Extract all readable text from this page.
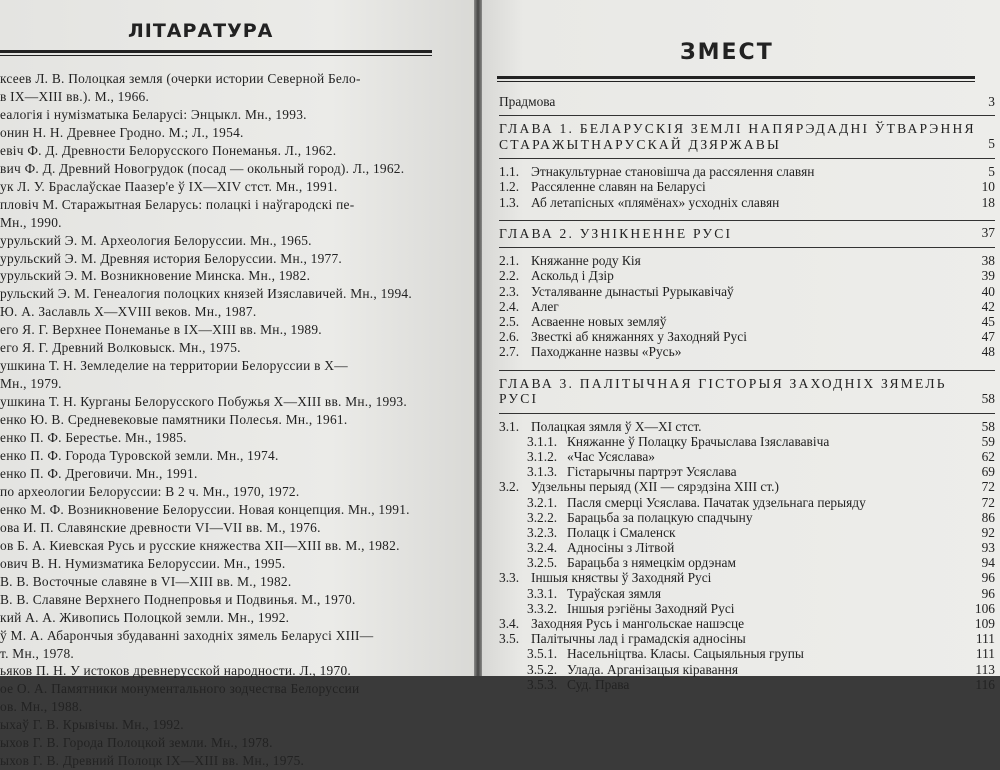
ЛІТАРАТУРА
ксеев Л. В. Полоцкая земля (очерки истории Северной Бело-
в IX—XIII вв.). М., 1966.
еалогія і нумізматыка Беларусі: Энцыкл. Мн., 1993.
онин Н. Н. Древнее Гродно. М.; Л., 1954.
евіч Ф. Д. Древности Белорусского Понеманья. Л., 1962.
вич Ф. Д. Древний Новогрудок (посад — окольный город). Л., 1962.
ук Л. У. Браслаўскае Паазер'е ў IX—XIV стст. Мн., 1991.
пловіч М. Старажытная Беларусь: полацкі і наўгародскі пе-
Мн., 1990.
урульский Э. М. Археология Белоруссии. Мн., 1965.
урульский Э. М. Древняя история Белоруссии. Мн., 1977.
урульский Э. М. Возникновение Минска. Мн., 1982.
рульский Э. М. Генеалогия полоцких князей Изяславичей. Мн., 1994.
Ю. А. Заславль X—XVIII веков. Мн., 1987.
его Я. Г. Верхнее Понеманье в IX—XIII вв. Мн., 1989.
его Я. Г. Древний Волковыск. Мн., 1975.
ушкина Т. Н. Земледелие на территории Белоруссии в X—
Мн., 1979.
ушкина Т. Н. Курганы Белорусского Побужья X—XIII вв. Мн., 1993.
енко Ю. В. Средневековые памятники Полесья. Мн., 1961.
енко П. Ф. Берестье. Мн., 1985.
енко П. Ф. Города Туровской земли. Мн., 1974.
енко П. Ф. Дреговичи. Мн., 1991.
по археологии Белоруссии: В 2 ч. Мн., 1970, 1972.
енко М. Ф. Возникновение Белоруссии. Новая концепция. Мн., 1991.
ова И. П. Славянские древности VI—VII вв. М., 1976.
ов Б. А. Киевская Русь и русские княжества XII—XIII вв. М., 1982.
ович В. Н. Нумизматика Белоруссии. Мн., 1995.
В. В. Восточные славяне в VI—XIII вв. М., 1982.
В. В. Славяне Верхнего Поднепровья и Подвинья. М., 1970.
кий А. А. Живопись Полоцкой земли. Мн., 1992.
ў М. А. Абарончыя збудаванні заходніх зямель Беларусі XIII—
т. Мн., 1978.
ьяков П. Н. У истоков древнерусской народности. Л., 1970.
ое О. А. Памятники монументального зодчества Белоруссии
ов. Мн., 1988.
ыхаў Г. В. Крывічы. Мн., 1992.
ыхов Г. В. Города Полоцкой земли. Мн., 1978.
ыхов Г. В. Древний Полоцк IX—XIII вв. Мн., 1975.
ЗМЕСТ
Прадмова	3
ГЛАВА 1. БЕЛАРУСКІЯ ЗЕМЛІ НАПЯРЭДАДНІ ЎТВАРЭННЯ
СТАРАЖЫТНАРУСКАЙ ДЗЯРЖАВЫ	5
1.1. Этнакультурнае становішча да рассялення славян	5
1.2. Рассяленне славян на Беларусі	10
1.3. Аб летапісных «плямёнах» усходніх славян	18
ГЛАВА 2. УЗНІКНЕННЕ РУСІ	37
2.1. Княжанне роду Кія	38
2.2. Аскольд і Дзір	39
2.3. Усталяванне дынастыі Рурыкавічаў	40
2.4. Алег	42
2.5. Асваенне новых земляў	45
2.6. Звесткі аб княжаннях у Заходняй Русі	47
2.7. Паходжанне назвы «Русь»	48
ГЛАВА 3. ПАЛІТЫЧНАЯ ГІСТОРЫЯ ЗАХОДНІХ ЗЯМЕЛЬ
РУСІ	58
3.1. Полацкая зямля ў X—XI стст.	58
3.1.1. Княжанне ў Полацку Брачыслава Ізяслававіча	59
3.1.2. «Час Усяслава»	62
3.1.3. Гістарычны партрэт Усяслава	69
3.2. Удзельны перыяд (XII — сярэдзіна XIII ст.)	72
3.2.1. Пасля смерці Усяслава. Пачатак удзельнага перыяду	72
3.2.2. Барацьба за полацкую спадчыну	86
3.2.3. Полацк і Смаленск	92
3.2.4. Адносіны з Літвой	93
3.2.5. Барацьба з нямецкім ордэнам	94
3.3. Іншыя княствы ў Заходняй Русі	96
3.3.1. Тураўская зямля	96
3.3.2. Іншыя рэгіёны Заходняй Русі	106
3.4. Заходняя Русь і мангольскае нашэсце	109
3.5. Палітычны лад і грамадскія адносіны	111
3.5.1. Насельніцтва. Класы. Сацыяльныя групы	111
3.5.2. Улада. Арганізацыя кіравання	113
3.5.3. Суд. Права	116
